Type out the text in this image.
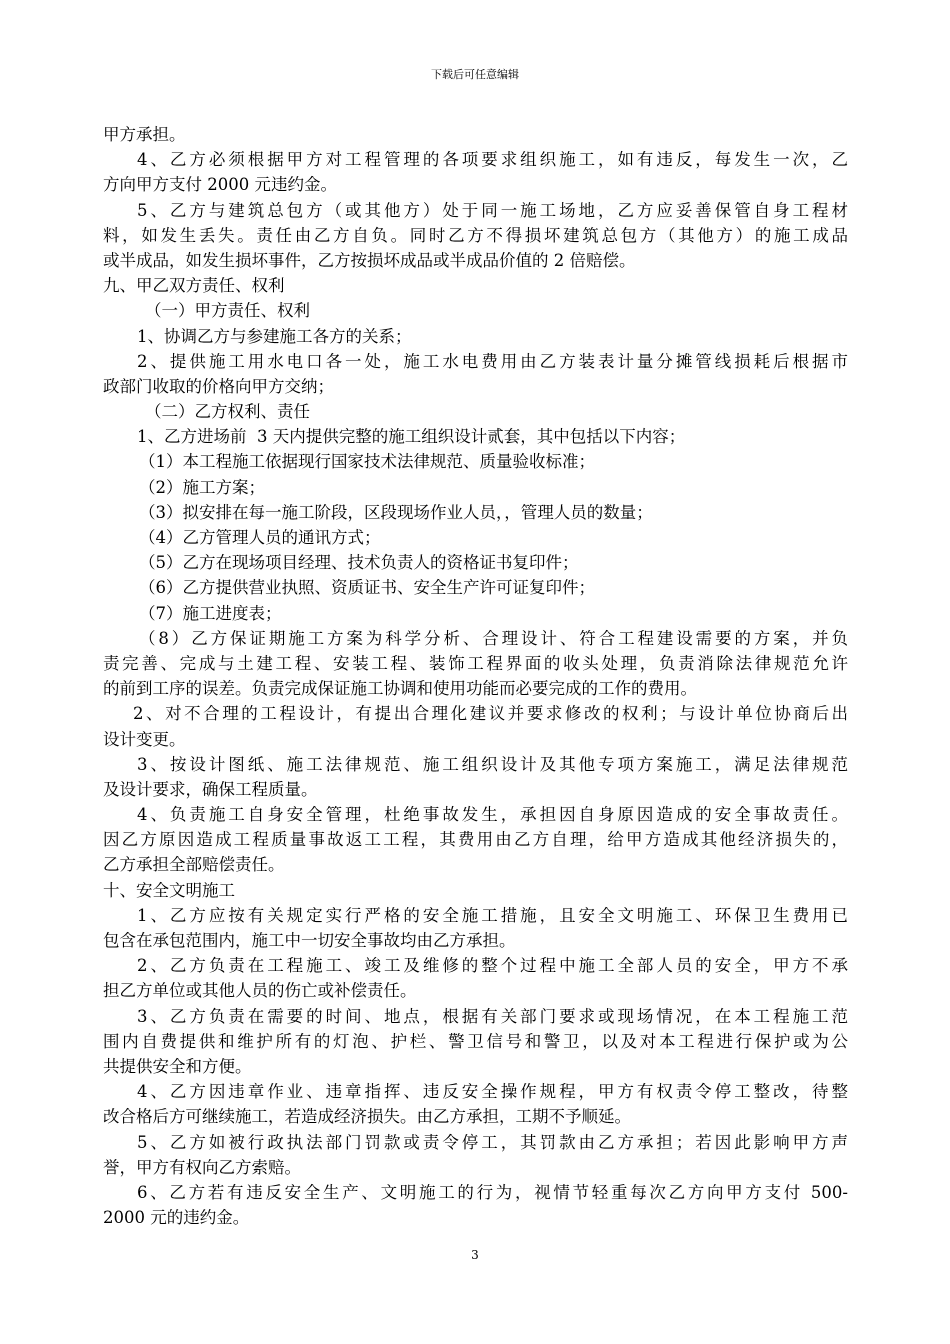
下载后可任意编辑
甲方承担。
4、乙方必须根据甲方对工程管理的各项要求组织施工，如有违反，每发生一次，乙
方向甲方支付 2000 元违约金。
5、乙方与建筑总包方（或其他方）处于同一施工场地，乙方应妥善保管自身工程材
料，如发生丢失。责任由乙方自负。同时乙方不得损坏建筑总包方（其他方）的施工成品
或半成品，如发生损坏事件，乙方按损坏成品或半成品价值的 2 倍赔偿。
九、甲乙双方责任、权利
（一）甲方责任、权利
1、协调乙方与参建施工各方的关系；
2、提供施工用水电口各一处，施工水电费用由乙方装表计量分摊管线损耗后根据市
政部门收取的价格向甲方交纳；
（二）乙方权利、责任
1、乙方进场前  3 天内提供完整的施工组织设计贰套，其中包括以下内容；
（1）本工程施工依据现行国家技术法律规范、质量验收标准；
（2）施工方案；
（3）拟安排在每一施工阶段，区段现场作业人员，，管理人员的数量；
（4）乙方管理人员的通讯方式；
（5）乙方在现场项目经理、技术负责人的资格证书复印件；
（6）乙方提供营业执照、资质证书、安全生产许可证复印件；
（7）施工进度表；
（8）乙方保证期施工方案为科学分析、合理设计、符合工程建设需要的方案，并负
责完善、完成与土建工程、安装工程、装饰工程界面的收头处理，负责消除法律规范允许
的前到工序的误差。负责完成保证施工协调和使用功能而必要完成的工作的费用。
2、对不合理的工程设计，有提出合理化建议并要求修改的权利；与设计单位协商后出
设计变更。
3、按设计图纸、施工法律规范、施工组织设计及其他专项方案施工，满足法律规范
及设计要求，确保工程质量。
4、负责施工自身安全管理，杜绝事故发生，承担因自身原因造成的安全事故责任。
因乙方原因造成工程质量事故返工工程，其费用由乙方自理，给甲方造成其他经济损失的，
乙方承担全部赔偿责任。
十、安全文明施工
1、乙方应按有关规定实行严格的安全施工措施，且安全文明施工、环保卫生费用已
包含在承包范围内，施工中一切安全事故均由乙方承担。
2、乙方负责在工程施工、竣工及维修的整个过程中施工全部人员的安全，甲方不承
担乙方单位或其他人员的伤亡或补偿责任。
3、乙方负责在需要的时间、地点，根据有关部门要求或现场情况，在本工程施工范
围内自费提供和维护所有的灯泡、护栏、警卫信号和警卫，以及对本工程进行保护或为公
共提供安全和方便。
4、乙方因违章作业、违章指挥、违反安全操作规程，甲方有权责令停工整改，待整
改合格后方可继续施工，若造成经济损失。由乙方承担，工期不予顺延。
5、乙方如被行政执法部门罚款或责令停工，其罚款由乙方承担；若因此影响甲方声
誉，甲方有权向乙方索赔。
6、乙方若有违反安全生产、文明施工的行为，视情节轻重每次乙方向甲方支付 500-
2000 元的违约金。
3
